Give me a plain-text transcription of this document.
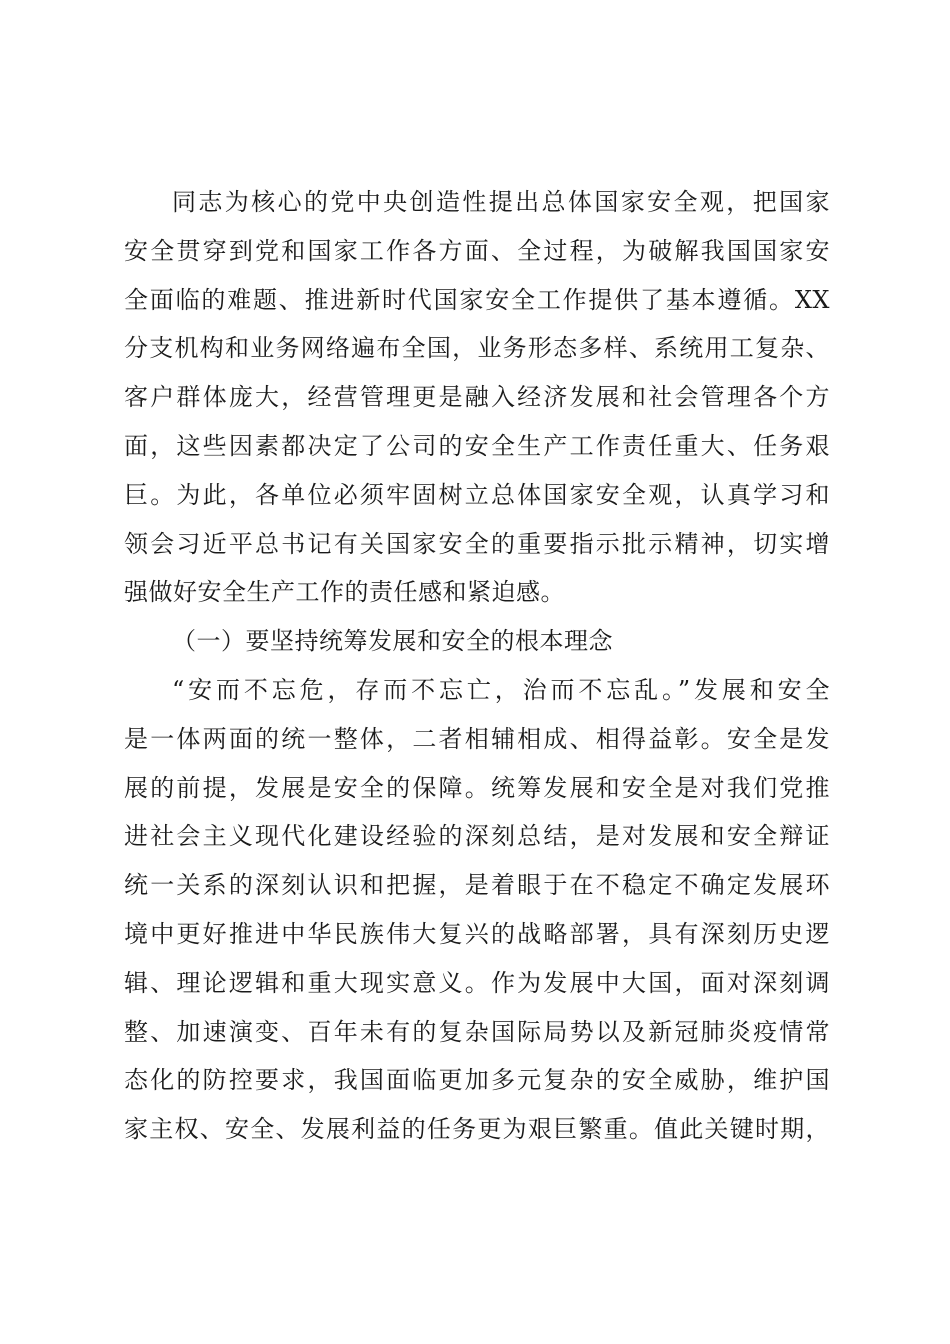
同志为核心的党中央创造性提出总体国家安全观，把国家
安全贯穿到党和国家工作各方面、全过程，为破解我国国家安
全面临的难题、推进新时代国家安全工作提供了基本遵循。XX
分支机构和业务网络遍布全国，业务形态多样、系统用工复杂、
客户群体庞大，经营管理更是融入经济发展和社会管理各个方
面，这些因素都决定了公司的安全生产工作责任重大、任务艰
巨。为此，各单位必须牢固树立总体国家安全观，认真学习和
领会习近平总书记有关国家安全的重要指示批示精神，切实增
强做好安全生产工作的责任感和紧迫感。
（一）要坚持统筹发展和安全的根本理念
“安而不忘危，存而不忘亡，治而不忘乱。”发展和安全
是一体两面的统一整体，二者相辅相成、相得益彰。安全是发
展的前提，发展是安全的保障。统筹发展和安全是对我们党推
进社会主义现代化建设经验的深刻总结，是对发展和安全辩证
统一关系的深刻认识和把握，是着眼于在不稳定不确定发展环
境中更好推进中华民族伟大复兴的战略部署，具有深刻历史逻
辑、理论逻辑和重大现实意义。作为发展中大国，面对深刻调
整、加速演变、百年未有的复杂国际局势以及新冠肺炎疫情常
态化的防控要求，我国面临更加多元复杂的安全威胁，维护国
家主权、安全、发展利益的任务更为艰巨繁重。值此关键时期，
